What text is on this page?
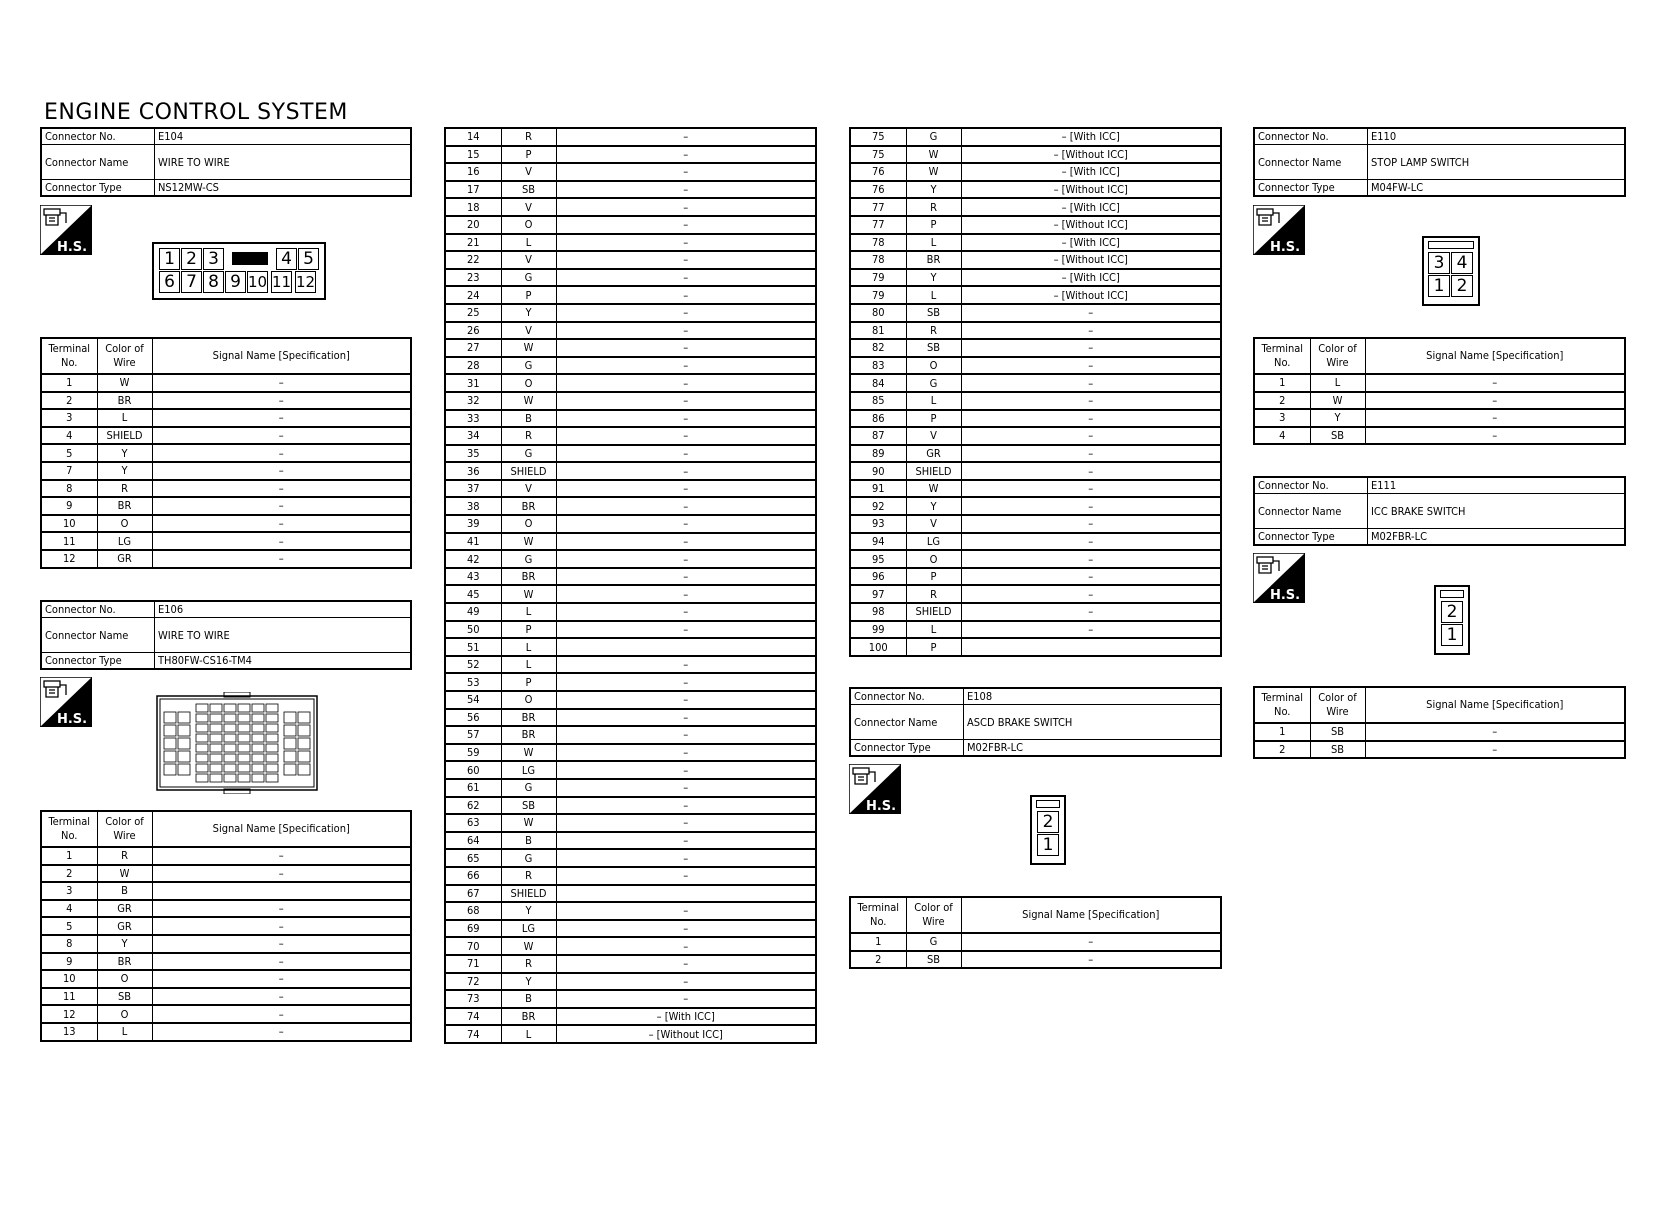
ENGINE CONTROL SYSTEM
Connector No.	E104
Connector Name	WIRE TO WIRE
Connector Type	NS12MW-CS
H.S.
1 2 3	4 5
6 7 8 9 10 11 12
Terminal No.	Color of Wire	Signal Name [Specification]
1	W	–
2	BR	–
3	L	–
4	SHIELD	–
5	Y	–
7	Y	–
8	R	–
9	BR	–
10	O	–
11	LG	–
12	GR	–
Connector No.	E106
Connector Name	WIRE TO WIRE
Connector Type	TH80FW-CS16-TM4
H.S.
Terminal No.	Color of Wire	Signal Name [Specification]
1	R	–
2	W	–
3	B	
4	GR	–
5	GR	–
8	Y	–
9	BR	–
10	O	–
11	SB	–
12	O	–
13	L	–
14	R	–
15	P	–
16	V	–
17	SB	–
18	V	–
20	O	–
21	L	–
22	V	–
23	G	–
24	P	–
25	Y	–
26	V	–
27	W	–
28	G	–
31	O	–
32	W	–
33	B	–
34	R	–
35	G	–
36	SHIELD	–
37	V	–
38	BR	–
39	O	–
41	W	–
42	G	–
43	BR	–
45	W	–
49	L	–
50	P	–
51	L	
52	L	–
53	P	–
54	O	–
56	BR	–
57	BR	–
59	W	–
60	LG	–
61	G	–
62	SB	–
63	W	–
64	B	–
65	G	–
66	R	–
67	SHIELD	
68	Y	–
69	LG	–
70	W	–
71	R	–
72	Y	–
73	B	–
74	BR	– [With ICC]
74	L	– [Without ICC]
75	G	– [With ICC]
75	W	– [Without ICC]
76	W	– [With ICC]
76	Y	– [Without ICC]
77	R	– [With ICC]
77	P	– [Without ICC]
78	L	– [With ICC]
78	BR	– [Without ICC]
79	Y	– [With ICC]
79	L	– [Without ICC]
80	SB	–
81	R	–
82	SB	–
83	O	–
84	G	–
85	L	–
86	P	–
87	V	–
89	GR	–
90	SHIELD	–
91	W	–
92	Y	–
93	V	–
94	LG	–
95	O	–
96	P	–
97	R	–
98	SHIELD	–
99	L	–
100	P	
Connector No.	E108
Connector Name	ASCD BRAKE SWITCH
Connector Type	M02FBR-LC
H.S.
2
1
Terminal No.	Color of Wire	Signal Name [Specification]
1	G	–
2	SB	–
Connector No.	E110
Connector Name	STOP LAMP SWITCH
Connector Type	M04FW-LC
H.S.
3 4
1 2
Terminal No.	Color of Wire	Signal Name [Specification]
1	L	–
2	W	–
3	Y	–
4	SB	–
Connector No.	E111
Connector Name	ICC BRAKE SWITCH
Connector Type	M02FBR-LC
H.S.
2
1
Terminal No.	Color of Wire	Signal Name [Specification]
1	SB	–
2	SB	–
